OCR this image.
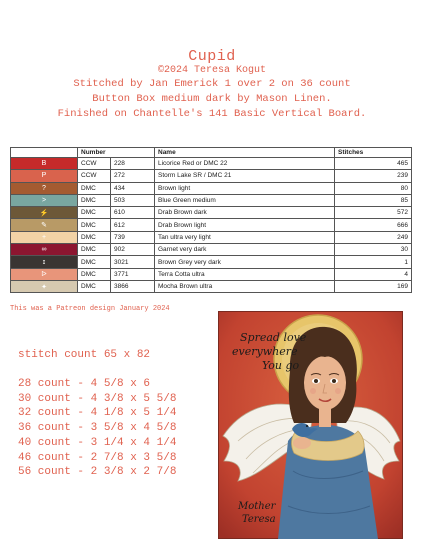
Cupid
©2024 Teresa Kogut
Stitched by Jan Emerick 1 over 2 on 36 count
Button Box medium dark by Mason Linen.
Finished on Chantelle's 141 Basic Vertical Board.
	Number		Name	Stitches
B	CCW	228	Licorice Red or DMC 22	465
P	CCW	272	Storm Lake SR / DMC 21	239
?	DMC	434	Brown light	80
>	DMC	503	Blue Green medium	85
⚡	DMC	610	Drab Brown dark	572
✎	DMC	612	Drab Brown light	666
+	DMC	739	Tan ultra very light	249
∞	DMC	902	Garnet very dark	30
ɪ	DMC	3021	Brown Grey very dark	1
ᐅ	DMC	3771	Terra Cotta ultra	4
✦	DMC	3866	Mocha Brown ultra	169
This was a Patreon design January 2024
stitch count 65 x 82
28 count - 4 5/8 x 6
30 count - 4 3/8 x 5 5/8
32 count - 4 1/8 x 5 1/4
36 count - 3 5/8 x 4 5/8
40 count - 3 1/4 x 4 1/4
46 count - 2 7/8 x 3 5/8
56 count - 2 3/8 x 2 7/8
Spread love
everywhere
You go
Mother
Teresa
